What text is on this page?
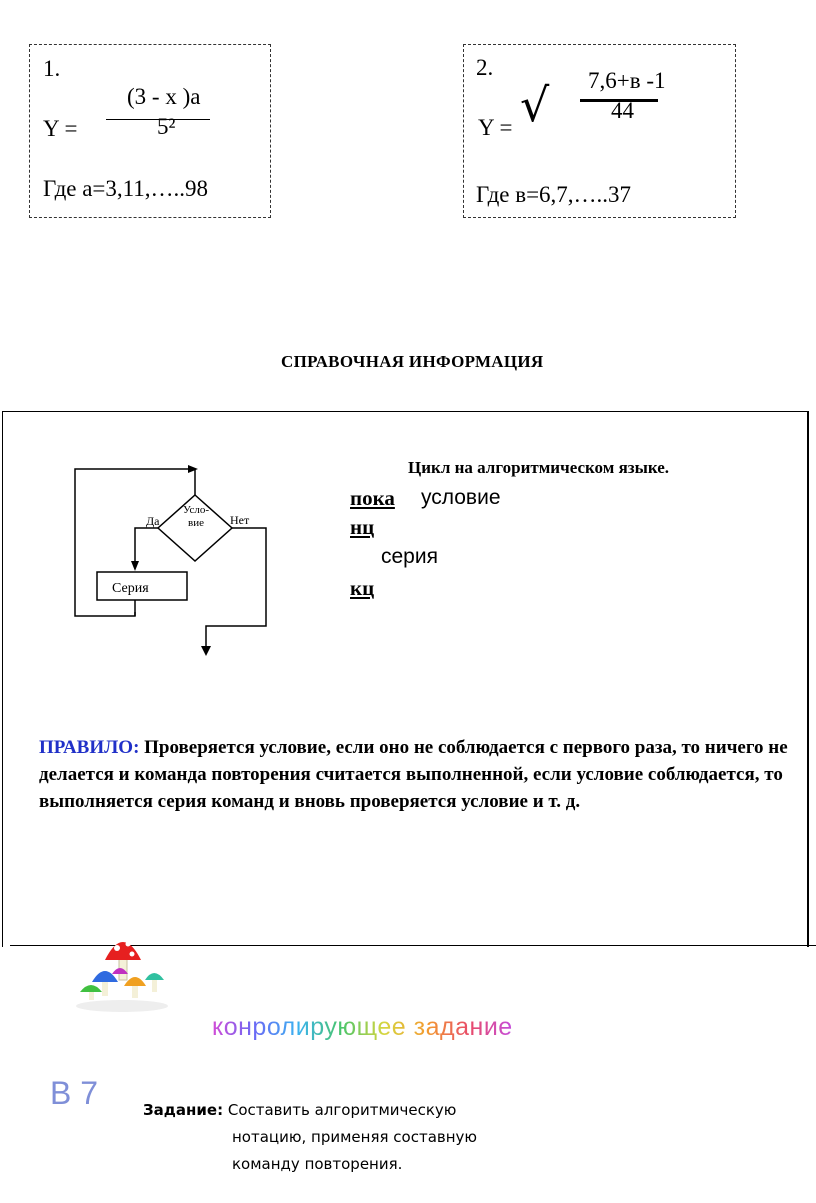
1.
(3 - x )a
Y =	5²
Где a=3,11,…..98
2.
7,6+в -1
44
Y = √
Где в=6,7,…..37
СПРАВОЧНАЯ ИНФОРМАЦИЯ
Усло-
вие
Да	Нет
Серия
Цикл на алгоритмическом языке.
пока условие
нц
серия
кц
ПРАВИЛО: Проверяется условие, если оно не соблюдается с первого раза, то ничего не делается и команда повторения считается выполненной, если условие соблюдается, то выполняется серия команд и вновь проверяется условие и т. д.
конролирующее задание
В 7	Задание: Составить алгоритмическую
нотацию, применяя составную
команду повторения.
